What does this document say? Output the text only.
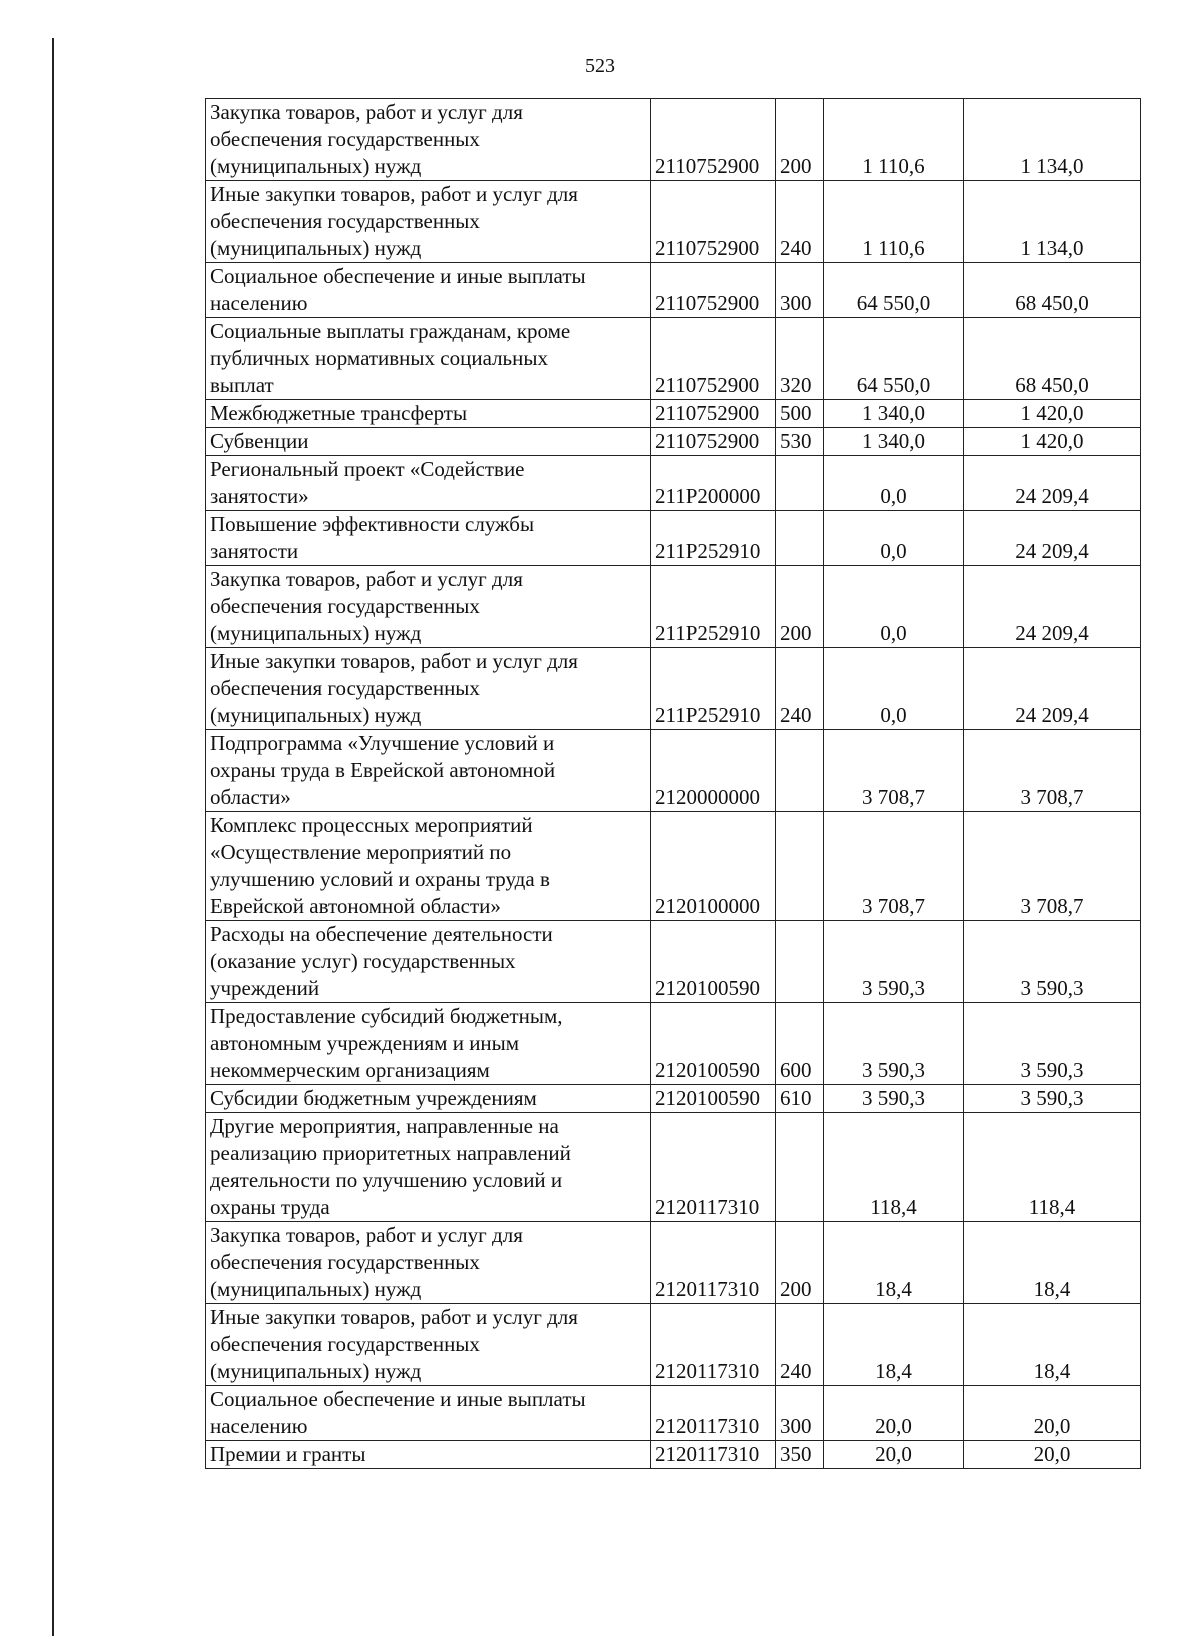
523
Закупка товаров, работ и услуг для
обеспечения государственных
(муниципальных) нужд	2110752900	200	1 110,6	1 134,0
Иные закупки товаров, работ и услуг для
обеспечения государственных
(муниципальных) нужд	2110752900	240	1 110,6	1 134,0
Социальное обеспечение и иные выплаты
населению	2110752900	300	64 550,0	68 450,0
Социальные выплаты гражданам, кроме
публичных нормативных социальных
выплат	2110752900	320	64 550,0	68 450,0
Межбюджетные трансферты	2110752900	500	1 340,0	1 420,0
Субвенции	2110752900	530	1 340,0	1 420,0
Региональный проект «Содействие
занятости»	211P200000		0,0	24 209,4
Повышение эффективности службы
занятости	211P252910		0,0	24 209,4
Закупка товаров, работ и услуг для
обеспечения государственных
(муниципальных) нужд	211P252910	200	0,0	24 209,4
Иные закупки товаров, работ и услуг для
обеспечения государственных
(муниципальных) нужд	211P252910	240	0,0	24 209,4
Подпрограмма «Улучшение условий и
охраны труда в Еврейской автономной
области»	2120000000		3 708,7	3 708,7
Комплекс процессных мероприятий
«Осуществление мероприятий по
улучшению условий и охраны труда в
Еврейской автономной области»	2120100000		3 708,7	3 708,7
Расходы на обеспечение деятельности
(оказание услуг) государственных
учреждений	2120100590		3 590,3	3 590,3
Предоставление субсидий бюджетным,
автономным учреждениям и иным
некоммерческим организациям	2120100590	600	3 590,3	3 590,3
Субсидии бюджетным учреждениям	2120100590	610	3 590,3	3 590,3
Другие мероприятия, направленные на
реализацию приоритетных направлений
деятельности по улучшению условий и
охраны труда	2120117310		118,4	118,4
Закупка товаров, работ и услуг для
обеспечения государственных
(муниципальных) нужд	2120117310	200	18,4	18,4
Иные закупки товаров, работ и услуг для
обеспечения государственных
(муниципальных) нужд	2120117310	240	18,4	18,4
Социальное обеспечение и иные выплаты
населению	2120117310	300	20,0	20,0
Премии и гранты	2120117310	350	20,0	20,0
